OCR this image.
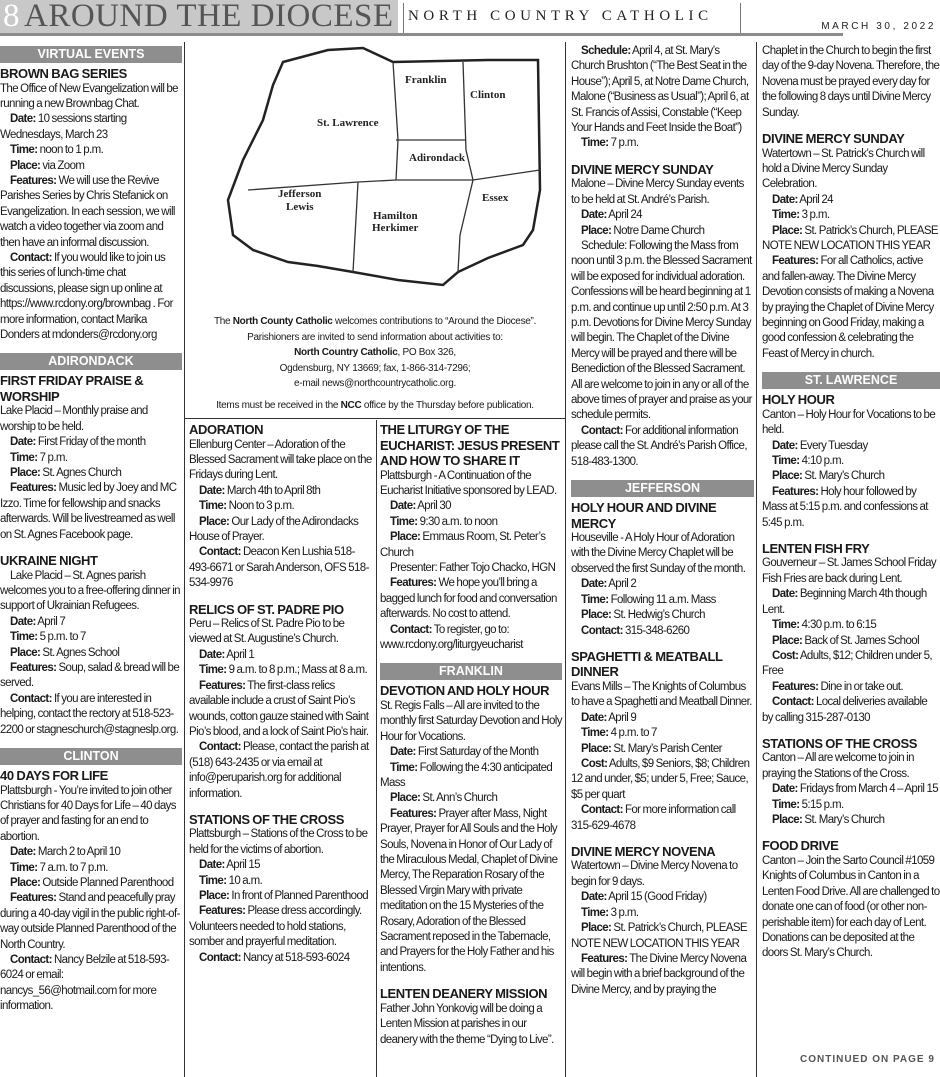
8 AROUND THE DIOCESE NORTH COUNTRY CATHOLIC
MARCH 30, 2022
Franklin
Clinton
St. Lawrence
Adirondack
Jefferson
Lewis
Hamilton
Herkimer
Essex
The North County Catholic welcomes contributions to “Around the Diocese”.
Parishioners are invited to send information about activities to:
North Country Catholic, PO Box 326,
Ogdensburg, NY 13669; fax, 1-866-314-7296;
e-mail news@northcountrycatholic.org.
Items must be received in the NCC office by the Thursday before publication.
VIRTUAL EVENTS
BROWN BAG SERIES

The Office of New Evangelization will be running a new Brownbag Chat.

Date: 10 sessions starting Wednesdays, March 23

Time: noon to 1 p.m.

Place: via Zoom

Features: We will use the Revive Parishes Series by Chris Stefanick on Evangelization. In each session, we will watch a video together via zoom and then have an informal discussion.

Contact: If you would like to join us this series of lunch-time chat discussions, please sign up online at https://www.rcdony.org/brownbag . For more information, contact Marika Donders at mdonders@rcdony.org

ADIRONDACK
FIRST FRIDAY PRAISE & WORSHIP

Lake Placid – Monthly praise and worship to be held.

Date: First Friday of the month

Time: 7 p.m.

Place: St. Agnes Church

Features: Music led by Joey and MC Izzo. Time for fellowship and snacks afterwards. Will be livestreamed as well on St. Agnes Facebook page.

UKRAINE NIGHT

Lake Placid – St. Agnes parish welcomes you to a free-offering dinner in support of Ukrainian Refugees.

Date: April 7

Time: 5 p.m. to 7

Place: St. Agnes School

Features: Soup, salad & bread will be served.

Contact: If you are interested in helping, contact the rectory at 518-523-2200 or stagneschurch@stagneslp.org.

CLINTON
40 DAYS FOR LIFE

Plattsburgh - You’re invited to join other Christians for 40 Days for Life – 40 days of prayer and fasting for an end to abortion.

Date: March 2 to April 10

Time: 7 a.m. to 7 p.m.

Place: Outside Planned Parenthood

Features: Stand and peacefully pray during a 40-day vigil in the public right-of-way outside Planned Parenthood of the North Country.

Contact: Nancy Belzile at 518-593-6024 or email: nancys_56@hotmail.com for more information.

ADORATION

Ellenburg Center – Adoration of the Blessed Sacrament will take place on the Fridays during Lent.

Date: March 4th to April 8th

Time: Noon to 3 p.m.

Place: Our Lady of the Adirondacks House of Prayer.

Contact: Deacon Ken Lushia 518-493-6671 or Sarah Anderson, OFS 518-534-9976

RELICS OF ST. PADRE PIO

Peru – Relics of St. Padre Pio to be viewed at St. Augustine’s Church.

Date: April 1

Time: 9 a.m. to 8 p.m.; Mass at 8 a.m.

Features: The first-class relics available include a crust of Saint Pio’s wounds, cotton gauze stained with Saint Pio’s blood, and a lock of Saint Pio’s hair.

Contact: Please, contact the parish at (518) 643-2435 or via email at info@peruparish.org for additional information.

STATIONS OF THE CROSS

Plattsburgh – Stations of the Cross to be held for the victims of abortion.

Date: April 15

Time: 10 a.m.

Place: In front of Planned Parenthood

Features: Please dress accordingly. Volunteers needed to hold stations, somber and prayerful meditation.

Contact: Nancy at 518-593-6024

THE LITURGY OF THE EUCHARIST: JESUS PRESENT AND HOW TO SHARE IT

Plattsburgh - A Continuation of the Eucharist Initiative sponsored by LEAD.

Date: April 30

Time: 9:30 a.m. to noon

Place: Emmaus Room, St. Peter’s Church

Presenter: Father Tojo Chacko, HGN

Features: We hope you’ll bring a bagged lunch for food and conversation afterwards. No cost to attend.

Contact: To register, go to: www.rcdony.org/liturgyeucharist

FRANKLIN
DEVOTION AND HOLY HOUR

St. Regis Falls – All are invited to the monthly first Saturday Devotion and Holy Hour for Vocations.

Date: First Saturday of the Month

Time: Following the 4:30 anticipated Mass

Place: St. Ann’s Church

Features: Prayer after Mass, Night Prayer, Prayer for All Souls and the Holy Souls, Novena in Honor of Our Lady of the Miraculous Medal, Chaplet of Divine Mercy, The Reparation Rosary of the Blessed Virgin Mary with private meditation on the 15 Mysteries of the Rosary, Adoration of the Blessed Sacrament reposed in the Tabernacle, and Prayers for the Holy Father and his intentions.

LENTEN DEANERY MISSION

Father John Yonkovig will be doing a Lenten Mission at parishes in our deanery with the theme “Dying to Live”.

Schedule: April 4, at St. Mary’s Church Brushton (“The Best Seat in the House”); April 5, at Notre Dame Church, Malone (“Business as Usual”); April 6, at St. Francis of Assisi, Constable (“Keep Your Hands and Feet Inside the Boat”)

Time: 7 p.m.

DIVINE MERCY SUNDAY

Malone – Divine Mercy Sunday events to be held at St. André’s Parish.

Date: April 24

Place: Notre Dame Church

Schedule: Following the Mass from noon until 3 p.m. the Blessed Sacrament will be exposed for individual adoration. Confessions will be heard beginning at 1 p.m. and continue up until 2:50 p.m. At 3 p.m. Devotions for Divine Mercy Sunday will begin. The Chaplet of the Divine Mercy will be prayed and there will be Benediction of the Blessed Sacrament. All are welcome to join in any or all of the above times of prayer and praise as your schedule permits.

Contact: For additional information please call the St. André’s Parish Office, 518-483-1300.

JEFFERSON
HOLY HOUR AND DIVINE MERCY

Houseville - A Holy Hour of Adoration with the Divine Mercy Chaplet will be observed the first Sunday of the month.

Date: April 2

Time: Following 11 a.m. Mass

Place: St. Hedwig’s Church

Contact: 315-348-6260

SPAGHETTI & MEATBALL DINNER

Evans Mills – The Knights of Columbus to have a Spaghetti and Meatball Dinner.

Date: April 9

Time: 4 p.m. to 7

Place: St. Mary’s Parish Center

Cost: Adults, $9 Seniors, $8; Children 12 and under, $5; under 5, Free; Sauce, $5 per quart

Contact: For more information call 315-629-4678

DIVINE MERCY NOVENA

Watertown – Divine Mercy Novena to begin for 9 days.

Date: April 15 (Good Friday)

Time: 3 p.m.

Place: St. Patrick’s Church, PLEASE NOTE NEW LOCATION THIS YEAR

Features: The Divine Mercy Novena will begin with a brief background of the Divine Mercy, and by praying the

Chaplet in the Church to begin the first day of the 9-day Novena. Therefore, the Novena must be prayed every day for the following 8 days until Divine Mercy Sunday.

DIVINE MERCY SUNDAY

Watertown – St. Patrick’s Church will hold a Divine Mercy Sunday Celebration.

Date: April 24

Time: 3 p.m.

Place: St. Patrick’s Church, PLEASE NOTE NEW LOCATION THIS YEAR

Features: For all Catholics, active and fallen-away. The Divine Mercy Devotion consists of making a Novena by praying the Chaplet of Divine Mercy beginning on Good Friday, making a good confession & celebrating the Feast of Mercy in church.

ST. LAWRENCE
HOLY HOUR

Canton – Holy Hour for Vocations to be held.

Date: Every Tuesday

Time: 4:10 p.m.

Place: St. Mary’s Church

Features: Holy hour followed by Mass at 5:15 p.m. and confessions at 5:45 p.m.

LENTEN FISH FRY

Gouverneur – St. James School Friday Fish Fries are back during Lent.

Date: Beginning March 4th though Lent.

Time: 4:30 p.m. to 6:15

Place: Back of St. James School

Cost: Adults, $12; Children under 5, Free

Features: Dine in or take out.

Contact: Local deliveries available by calling 315-287-0130

STATIONS OF THE CROSS

Canton – All are welcome to join in praying the Stations of the Cross.

Date: Fridays from March 4 – April 15

Time: 5:15 p.m.

Place: St. Mary’s Church

FOOD DRIVE

Canton – Join the Sarto Council #1059 Knights of Columbus in Canton in a Lenten Food Drive. All are challenged to donate one can of food (or other non-perishable item) for each day of Lent. Donations can be deposited at the doors St. Mary’s Church.

CONTINUED ON PAGE 9
